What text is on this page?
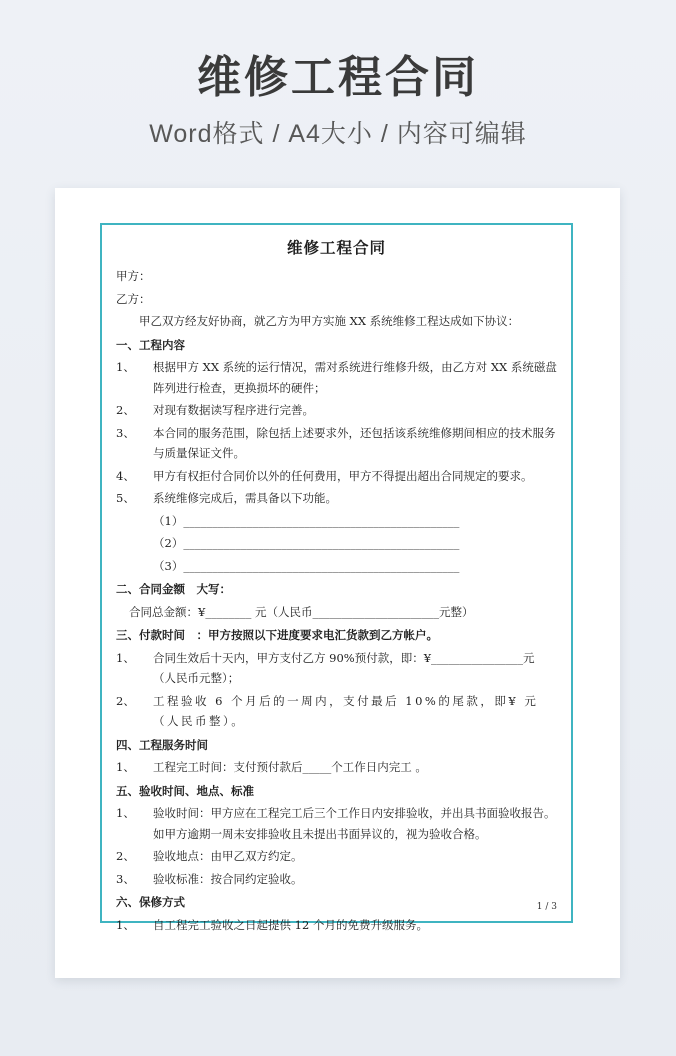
维修工程合同
Word格式 / A4大小 / 内容可编辑
维修工程合同
甲方：
乙方：
甲乙双方经友好协商，就乙方为甲方实施 XX 系统维修工程达成如下协议：
一、工程内容
1、 根据甲方 XX 系统的运行情况，需对系统进行维修升级，由乙方对 XX 系统磁盘阵列进行检查，更换损坏的硬件；
2、 对现有数据读写程序进行完善。
3、 本合同的服务范围，除包括上述要求外，还包括该系统维修期间相应的技术服务与质量保证文件。
4、 甲方有权拒付合同价以外的任何费用，甲方不得提出超出合同规定的要求。
5、 系统维修完成后，需具备以下功能。
（1）________________________________________________
（2）________________________________________________
（3）________________________________________________
二、合同金额　大写：
合同总金额：¥________ 元（人民币______________________元整）
三、付款时间　：甲方按照以下进度要求电汇货款到乙方帐户。
1、 合同生效后十天内，甲方支付乙方 90%预付款，即：¥________________元（人民币元整）；
2、 工程验收 6 个月后的一周内，支付最后 10%的尾款，即¥ 元（人民币整）。
四、工程服务时间
1、 工程完工时间：支付预付款后_____个工作日内完工 。
五、验收时间、地点、标准
1、 验收时间：甲方应在工程完工后三个工作日内安排验收，并出具书面验收报告。如甲方逾期一周未安排验收且未提出书面异议的，视为验收合格。
2、 验收地点：由甲乙双方约定。
3、 验收标准：按合同约定验收。
六、保修方式
1、 自工程完工验收之日起提供 12 个月的免费升级服务。
1 / 3
